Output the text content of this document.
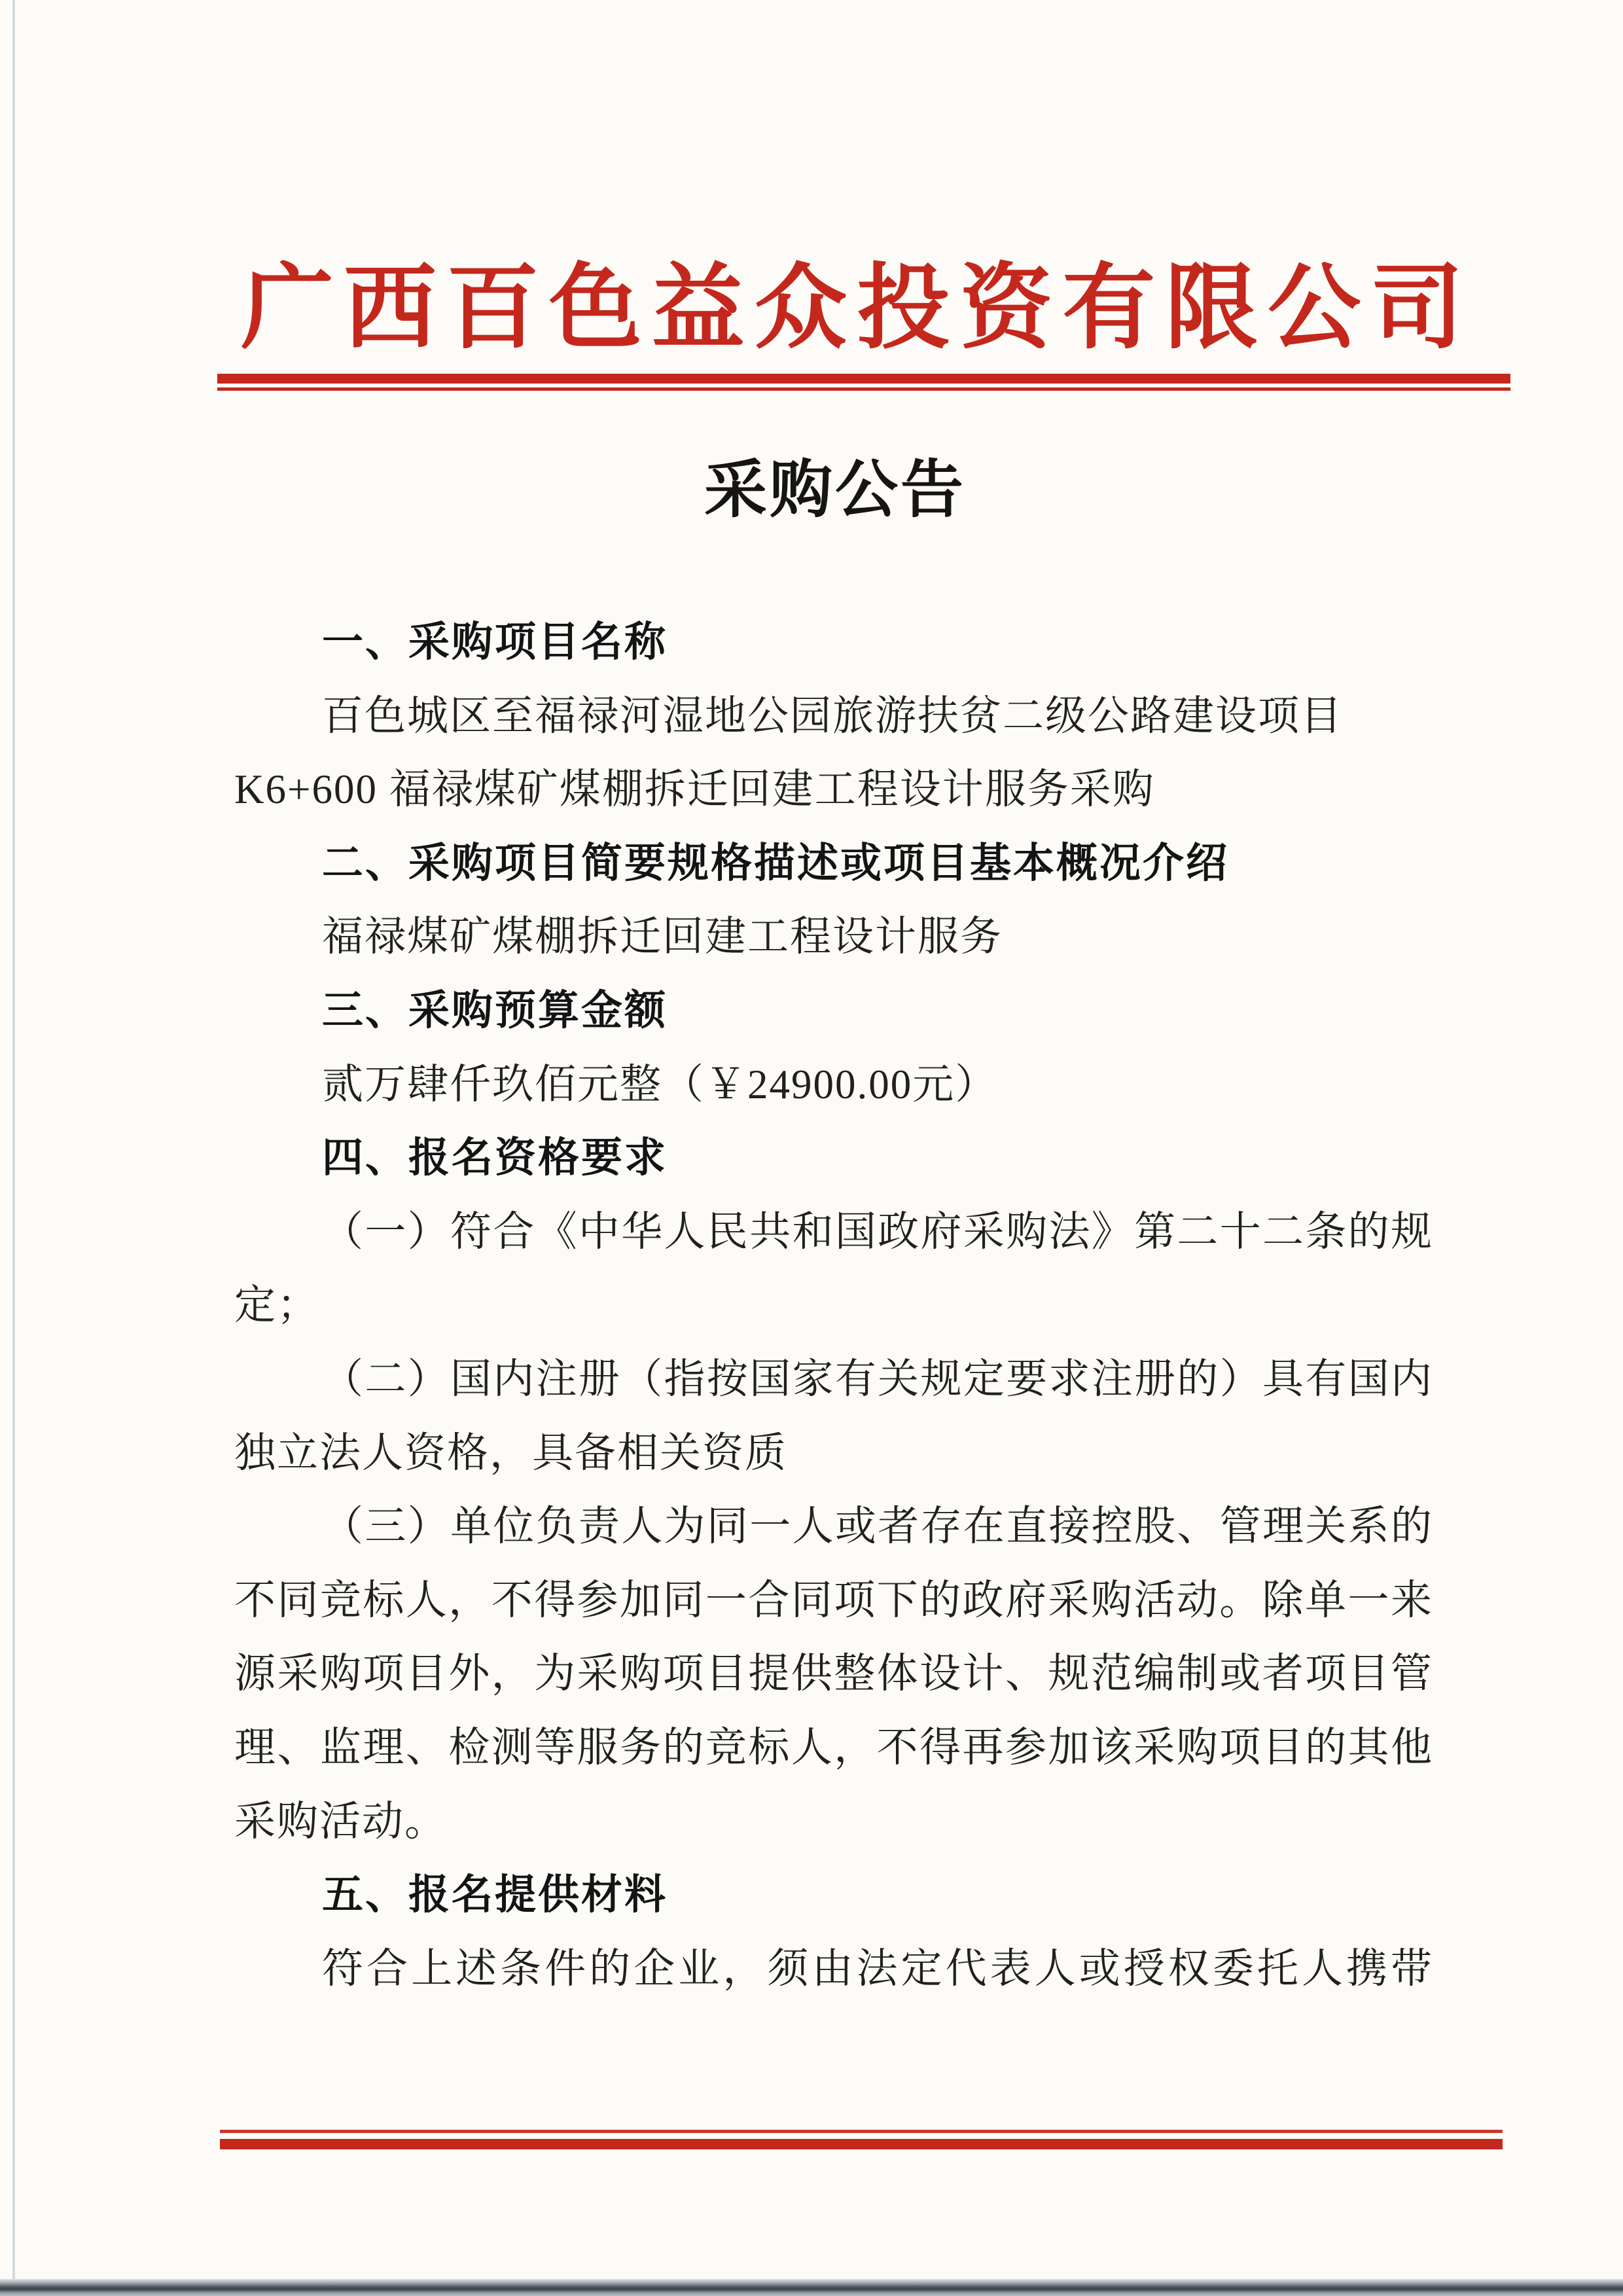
广西百色益众投资有限公司
采购公告
一、采购项目名称
百色城区至福禄河湿地公园旅游扶贫二级公路建设项目
K6+600 福禄煤矿煤棚拆迁回建工程设计服务采购
二、采购项目简要规格描述或项目基本概况介绍
福禄煤矿煤棚拆迁回建工程设计服务
三、采购预算金额
贰万肆仟玖佰元整（￥24900.00元）
四、报名资格要求
（一）符合《中华人民共和国政府采购法》第二十二条的规
定；
（二）国内注册（指按国家有关规定要求注册的）具有国内
独立法人资格，具备相关资质
（三）单位负责人为同一人或者存在直接控股、管理关系的
不同竞标人，不得参加同一合同项下的政府采购活动。除单一来
源采购项目外，为采购项目提供整体设计、规范编制或者项目管
理、监理、检测等服务的竞标人，不得再参加该采购项目的其他
采购活动。
五、报名提供材料
符合上述条件的企业，须由法定代表人或授权委托人携带
